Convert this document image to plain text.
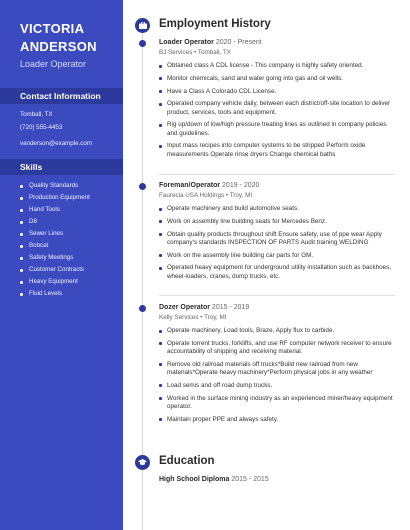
VICTORIA
ANDERSON
Loader Operator
Contact Information
Tomball, TX
(720) 555-4453
vanderson@example.com
Skills
Quality Standards
Production Equipment
Hand Tools
D8
Sewer Lines
Bobcat
Safety Meetings
Customer Contracts
Heavy Equipment
Fluid Levels
Employment History
Loader Operator 2020 - Present
BJ Services • Tomball, TX
Obtained class A CDL license - This company is highly safety oriented.
Monitor chemicals, sand and water going into gas and oil wells.
Have a Class A Colorado CDL License.
Operated company vehicle daily, between each district/off-site location to deliver product, services, tools and equipment.
Rig up/down of low/high pressure treating lines as outlined in company policies and guidelines.
Input mass recipes into computer systems to be stripped Perform oxide measurements Operate rinse dryers Change chemical baths
Foreman/Operator 2019 - 2020
Faurecia USA Holdings • Troy, MI
Operate machinery and build automotive seats.
Work on assembly line building seats for Mercedes Benz.
Obtain quality products throughout shift Ensure safety, use of ppe wear Apply company's standards INSPECTION OF PARTS Audit training WELDING
Work on the assembly line building car parts for GM.
Operated heavy equipment for underground utility installation such as backhoes, wheel-loaders, cranes, dump trucks, etc.
Dozer Operator 2015 - 2019
Kelly Services • Troy, MI
Operate machinery, Load tools, Braze, Apply flux to carbide.
Operate torrent trucks, forklifts, and use RF computer network receiver to ensure accountability of shipping and receiving material.
Remove old railroad materials off trucks*Build new railroad from new materials*Operate heavy machinery*Perform physical jobs in any weather
Load semis and off road dump trucks.
Worked in the surface mining industry as an experienced miner/heavy equipment operator.
Maintain proper PPE and always safety.
Education
High School Diploma 2015 - 2015
